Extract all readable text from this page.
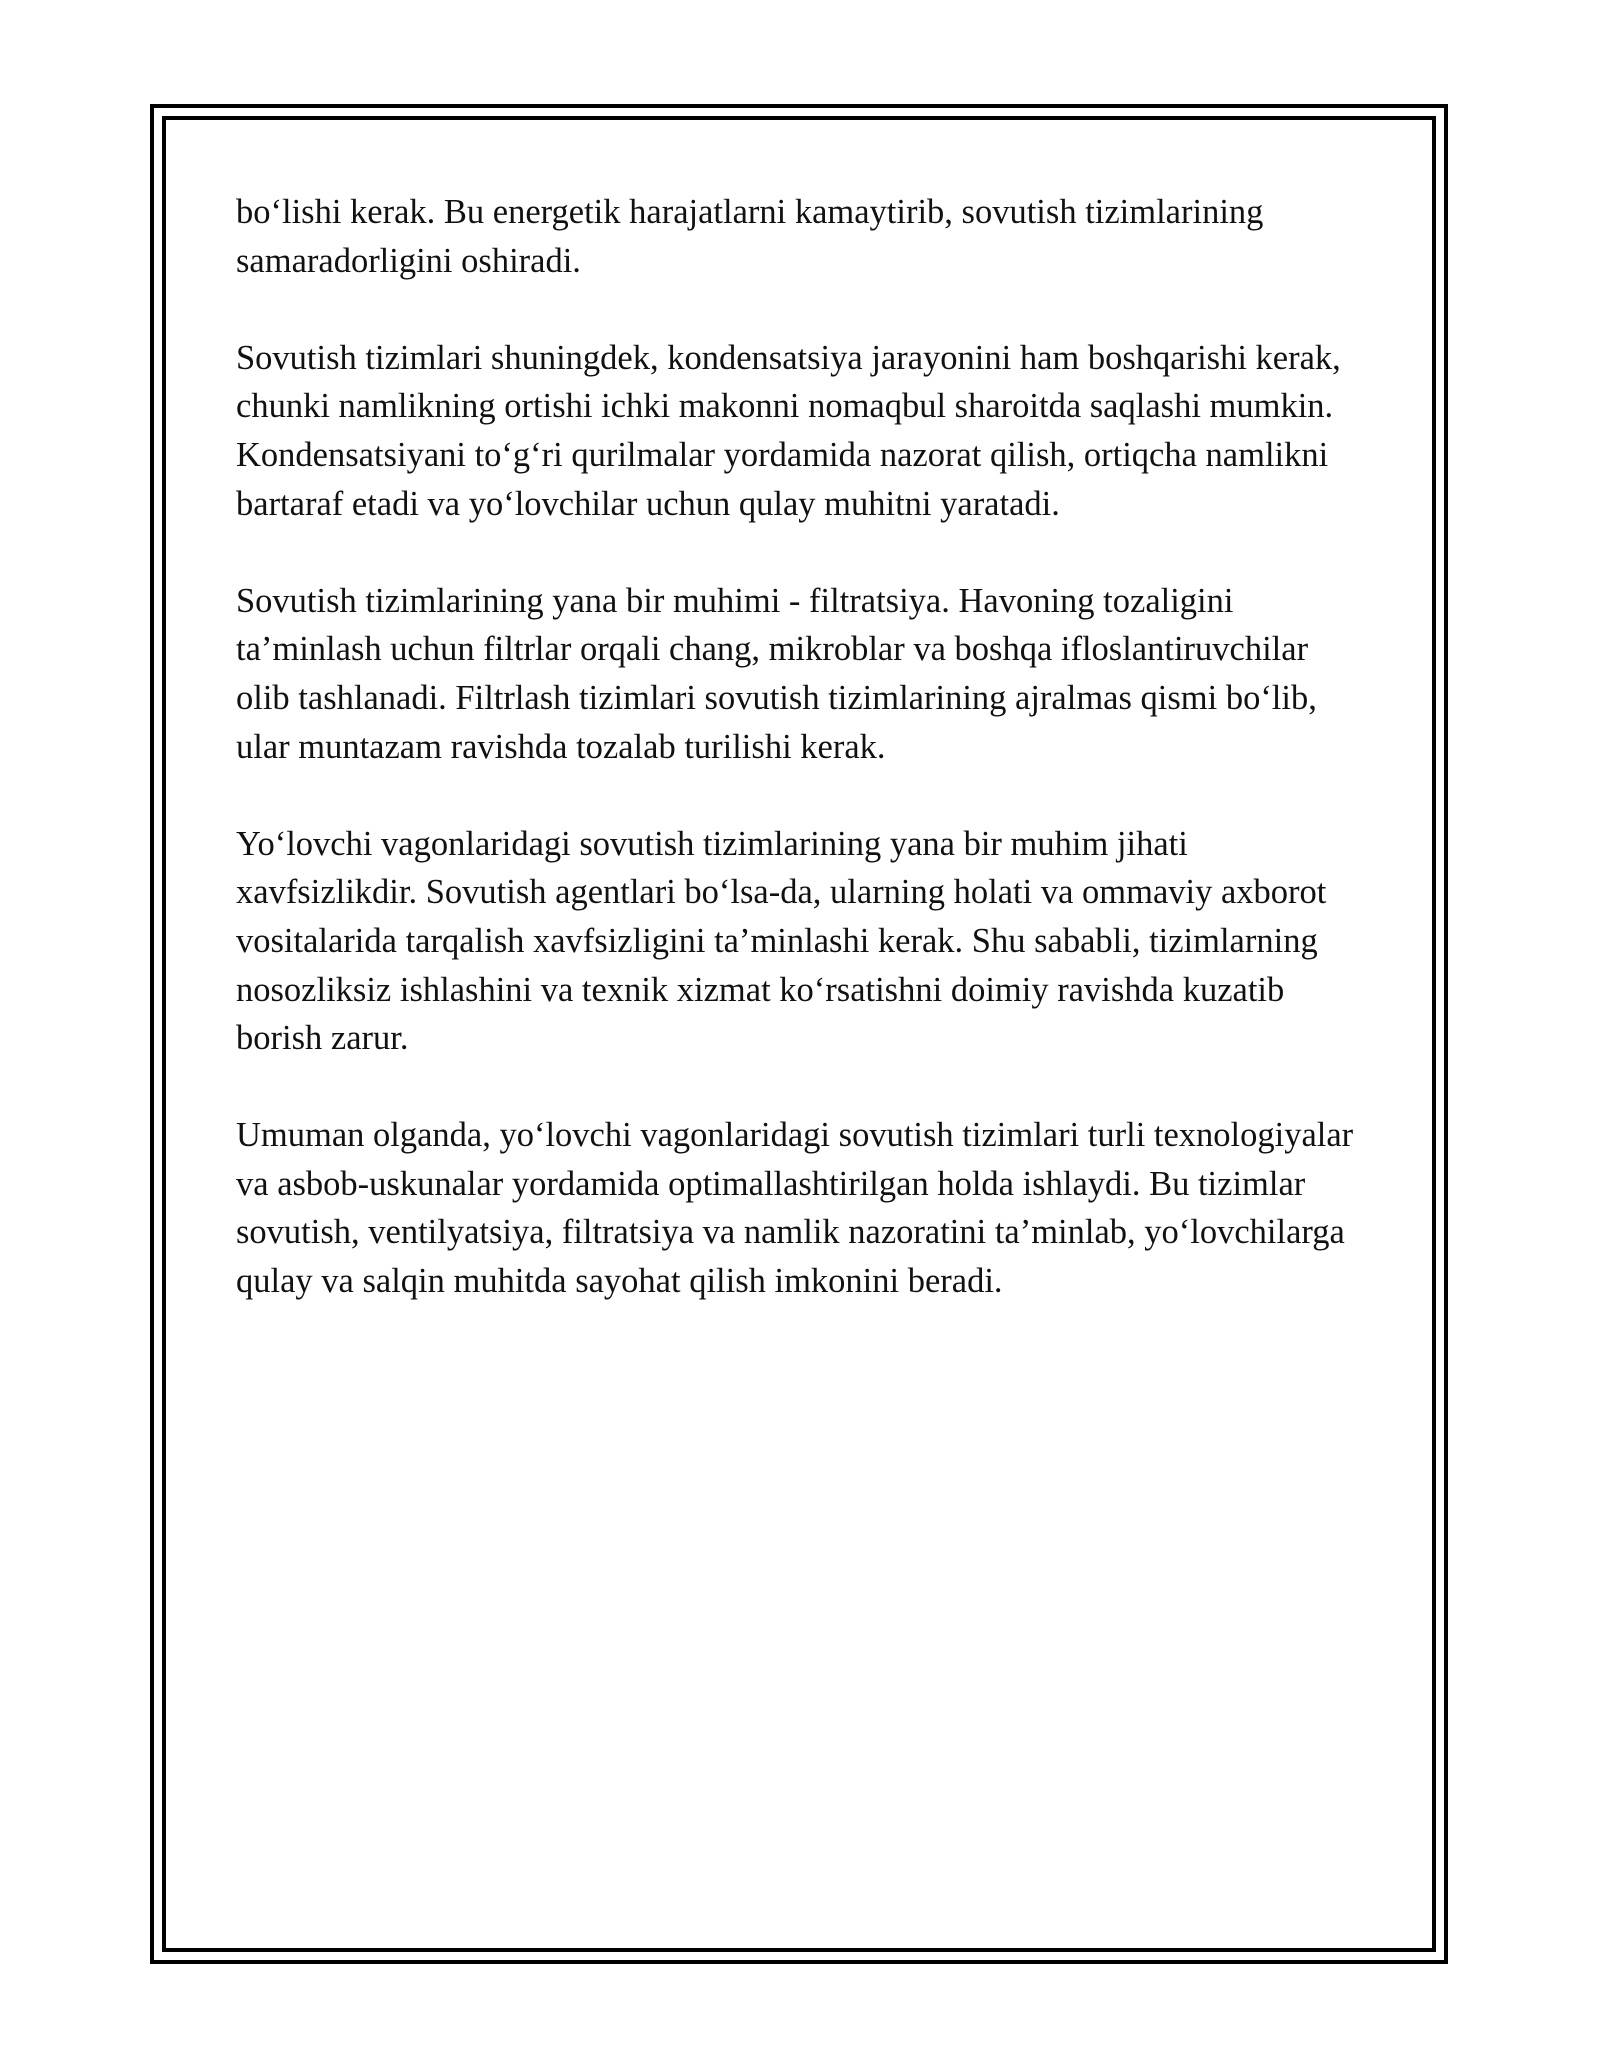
bo‘lishi kerak. Bu energetik harajatlarni kamaytirib, sovutish tizimlarining samaradorligini oshiradi.

Sovutish tizimlari shuningdek, kondensatsiya jarayonini ham boshqarishi kerak, chunki namlikning ortishi ichki makonni nomaqbul sharoitda saqlashi mumkin. Kondensatsiyani to‘g‘ri qurilmalar yordamida nazorat qilish, ortiqcha namlikni bartaraf etadi va yo‘lovchilar uchun qulay muhitni yaratadi.

Sovutish tizimlarining yana bir muhimi - filtratsiya. Havoning tozaligini ta’minlash uchun filtrlar orqali chang, mikroblar va boshqa ifloslantiruvchilar olib tashlanadi. Filtrlash tizimlari sovutish tizimlarining ajralmas qismi bo‘lib, ular muntazam ravishda tozalab turilishi kerak.

Yo‘lovchi vagonlaridagi sovutish tizimlarining yana bir muhim jihati xavfsizlikdir. Sovutish agentlari bo‘lsa-da, ularning holati va ommaviy axborot vositalarida tarqalish xavfsizligini ta’minlashi kerak. Shu sababli, tizimlarning nosozliksiz ishlashini va texnik xizmat ko‘rsatishni doimiy ravishda kuzatib borish zarur.

Umuman olganda, yo‘lovchi vagonlaridagi sovutish tizimlari turli texnologiyalar va asbob-uskunalar yordamida optimallashtirilgan holda ishlaydi. Bu tizimlar sovutish, ventilyatsiya, filtratsiya va namlik nazoratini ta’minlab, yo‘lovchilarga qulay va salqin muhitda sayohat qilish imkonini beradi.
